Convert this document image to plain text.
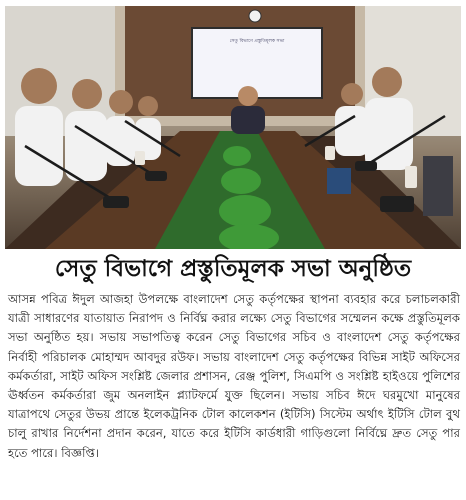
সেতু বিভাগে প্রস্তুতিমূলক সভা
সেতু বিভাগে প্রস্তুতিমূলক সভা অনুষ্ঠিত

আসন্ন পবিত্র ঈদুল আজহা উপলক্ষে বাংলাদেশ সেতু কর্তৃপক্ষের স্থাপনা ব্যবহার করে চলাচলকারী যাত্রী সাধারণের যাতায়াত নিরাপদ ও নির্বিঘ্ন করার লক্ষ্যে সেতু বিভাগের সম্মেলন কক্ষে প্রস্তুতিমূলক সভা অনুষ্ঠিত হয়। সভায় সভাপতিত্ব করেন সেতু বিভাগের সচিব ও বাংলাদেশ সেতু কর্তৃপক্ষের নির্বাহী পরিচালক মোহাম্মদ আবদুর রউফ। সভায় বাংলাদেশ সেতু কর্তৃপক্ষের বিভিন্ন সাইট অফিসের কর্মকর্তারা, সাইট অফিস সংশ্লিষ্ট জেলার প্রশাসন, রেঞ্জ পুলিশ, সিএমপি ও সংশ্লিষ্ট হাইওয়ে পুলিশের ঊর্ধ্বতন কর্মকর্তারা জুম অনলাইন প্ল্যাটফর্মে যুক্ত ছিলেন। সভায় সচিব ঈদে ঘরমুখো মানুষের যাত্রাপথে সেতুর উভয় প্রান্তে ইলেকট্রনিক টোল কালেকশন (ইটিসি) সিস্টেম অর্থাৎ ইটিসি টোল বুথ চালু রাখার নির্দেশনা প্রদান করেন, যাতে করে ইটিসি কার্ডধারী গাড়িগুলো নির্বিঘ্নে দ্রুত সেতু পার হতে পারে। বিজ্ঞপ্তি।
